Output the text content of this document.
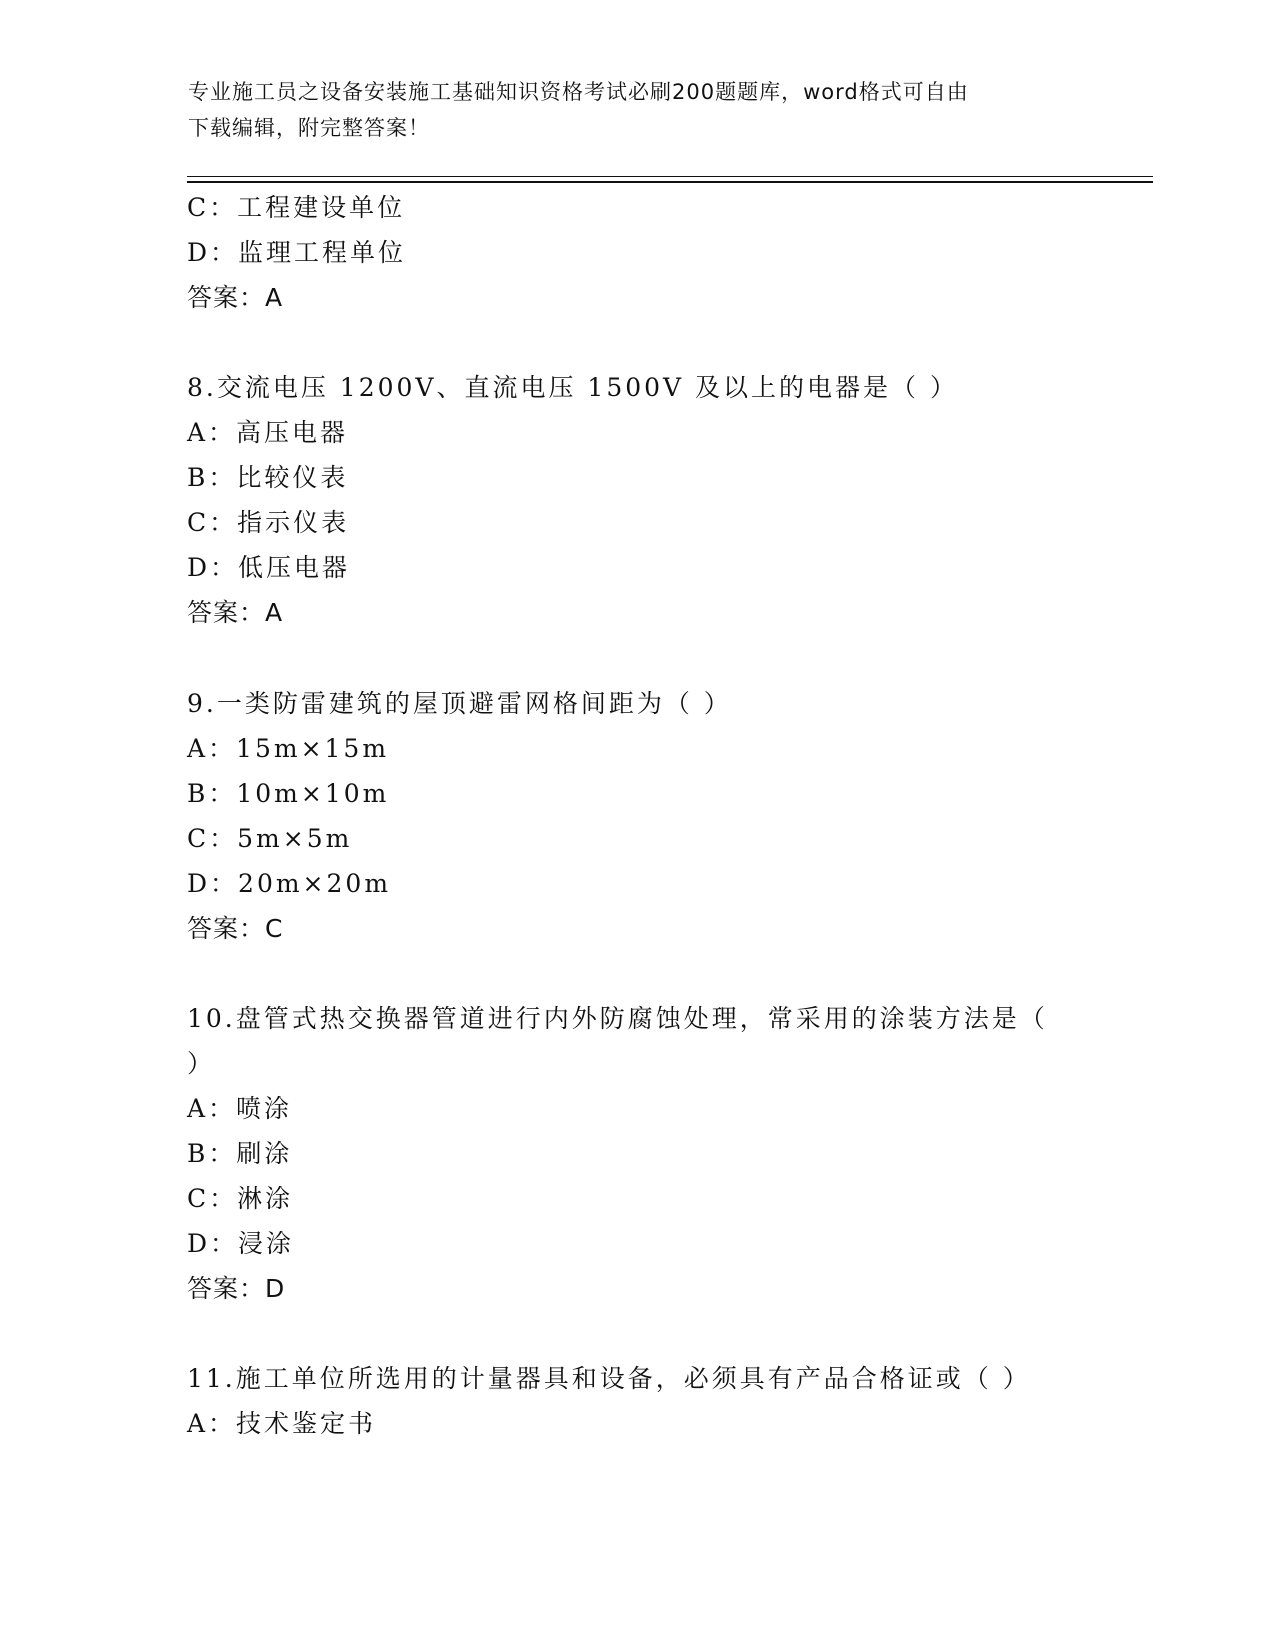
专业施工员之设备安装施工基础知识资格考试必刷200题题库，word格式可自由
下载编辑，附完整答案！
C：工程建设单位
D：监理工程单位
答案：A
8.交流电压 1200V、直流电压 1500V 及以上的电器是（ ）
A：高压电器
B：比较仪表
C：指示仪表
D：低压电器
答案：A
9.一类防雷建筑的屋顶避雷网格间距为（ ）
A：15m×15m
B：10m×10m
C：5m×5m
D：20m×20m
答案：C
10.盘管式热交换器管道进行内外防腐蚀处理，常采用的涂装方法是（
）
A：喷涂
B：刷涂
C：淋涂
D：浸涂
答案：D
11.施工单位所选用的计量器具和设备，必须具有产品合格证或（ ）
A：技术鉴定书
